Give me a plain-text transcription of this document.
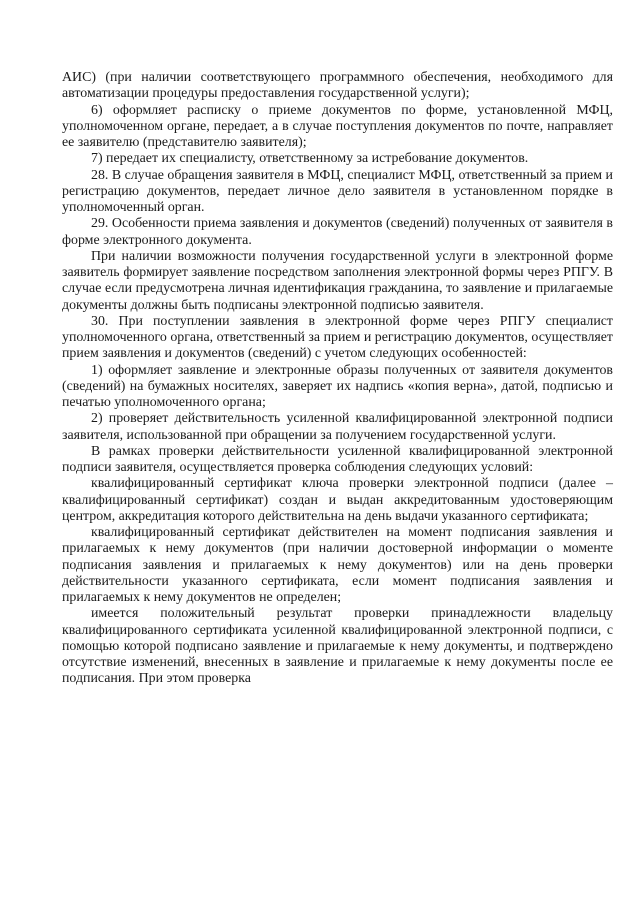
АИС) (при наличии соответствующего программного обеспечения, необходимого для автоматизации процедуры предоставления государственной услуги);

6) оформляет расписку о приеме документов по форме, установленной МФЦ, уполномоченном органе, передает, а в случае поступления документов по почте, направляет ее заявителю (представителю заявителя);

7) передает их специалисту, ответственному за истребование документов.

28. В случае обращения заявителя в МФЦ, специалист МФЦ, ответственный за прием и регистрацию документов, передает личное дело заявителя в установленном порядке в уполномоченный орган.

29. Особенности приема заявления и документов (сведений) полученных от заявителя в форме электронного документа.

При наличии возможности получения государственной услуги в электронной форме заявитель формирует заявление посредством заполнения электронной формы через РПГУ. В случае если предусмотрена личная идентификация гражданина, то заявление и прилагаемые документы должны быть подписаны электронной подписью заявителя.

30. При поступлении заявления в электронной форме через РПГУ специалист уполномоченного органа, ответственный за прием и регистрацию документов, осуществляет прием заявления и документов (сведений) с учетом следующих особенностей:

1) оформляет заявление и электронные образы полученных от заявителя документов (сведений) на бумажных носителях, заверяет их надпись «копия верна», датой, подписью и печатью уполномоченного органа;

2) проверяет действительность усиленной квалифицированной электронной подписи заявителя, использованной при обращении за получением государственной услуги.

В рамках проверки действительности усиленной квалифицированной электронной подписи заявителя, осуществляется проверка соблюдения следующих условий:

квалифицированный сертификат ключа проверки электронной подписи (далее – квалифицированный сертификат) создан и выдан аккредитованным удостоверяющим центром, аккредитация которого действительна на день выдачи указанного сертификата;

квалифицированный сертификат действителен на момент подписания заявления и прилагаемых к нему документов (при наличии достоверной информации о моменте подписания заявления и прилагаемых к нему документов) или на день проверки действительности указанного сертификата, если момент подписания заявления и прилагаемых к нему документов не определен;

имеется положительный результат проверки принадлежности владельцу квалифицированного сертификата усиленной квалифицированной электронной подписи, с помощью которой подписано заявление и прилагаемые к нему документы, и подтверждено отсутствие изменений, внесенных в заявление и прилагаемые к нему документы после ее подписания. При этом проверка
